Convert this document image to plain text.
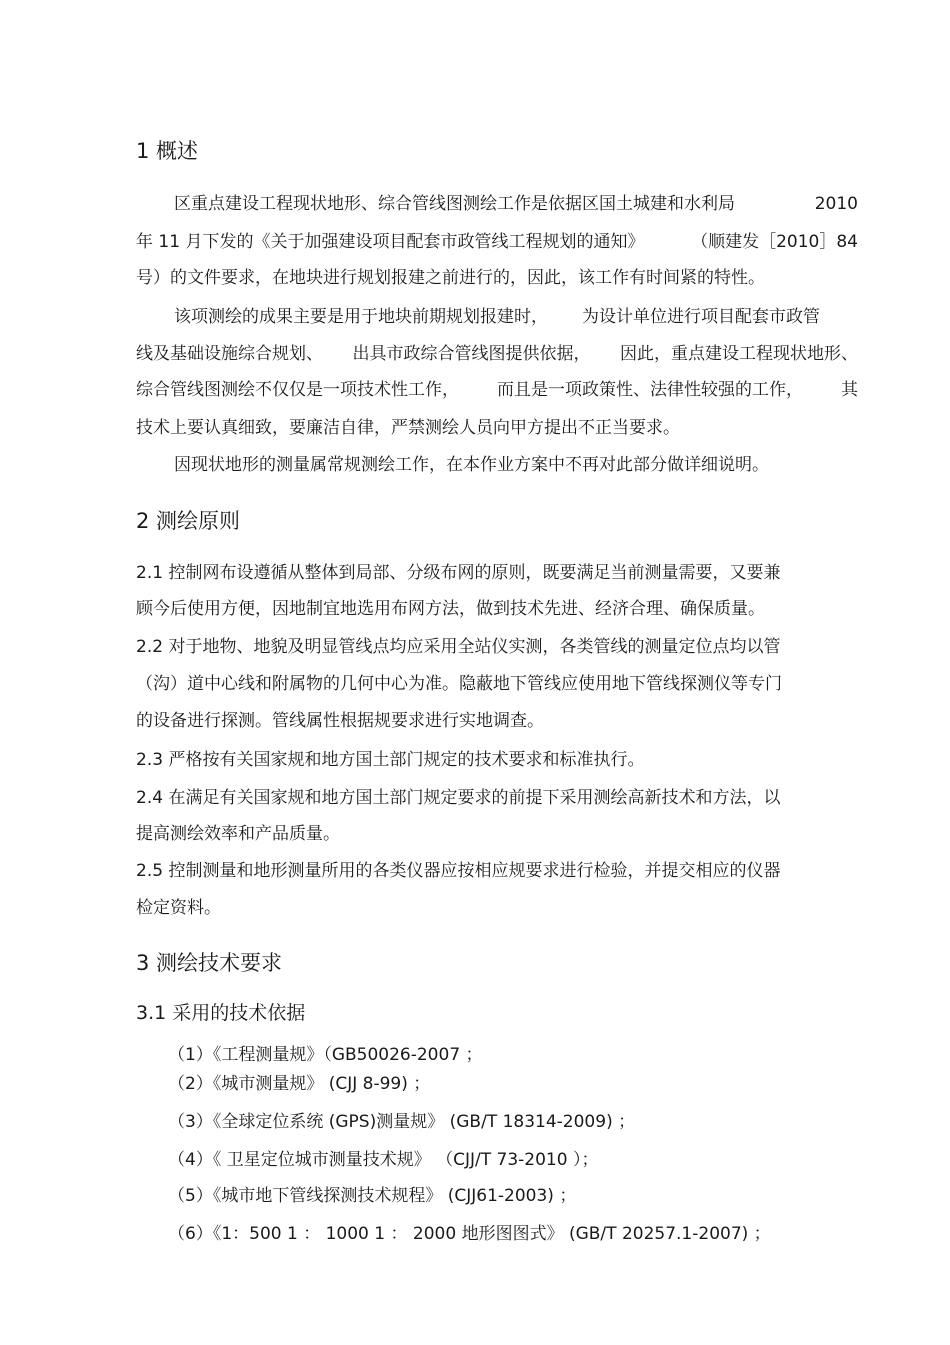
1 概述
区重点建设工程现状地形、综合管线图测绘工作是依据区国土城建和水利局	2010
年 11 月下发的《关于加强建设项目配套市政管线工程规划的通知》	（顺建发［2010］84
号）的文件要求，在地块进行规划报建之前进行的，因此，该工作有时间紧的特性。
该项测绘的成果主要是用于地块前期规划报建时， 为设计单位进行项目配套市政管
线及基础设施综合规划、 出具市政综合管线图提供依据， 因此，重点建设工程现状地形、
综合管线图测绘不仅仅是一项技术性工作， 而且是一项政策性、法律性较强的工作， 其
技术上要认真细致，要廉洁自律，严禁测绘人员向甲方提出不正当要求。
因现状地形的测量属常规测绘工作，在本作业方案中不再对此部分做详细说明。
2 测绘原则
2.1 控制网布设遵循从整体到局部、分级布网的原则，既要满足当前测量需要，又要兼
顾今后使用方便，因地制宜地选用布网方法，做到技术先进、经济合理、确保质量。
2.2 对于地物、地貌及明显管线点均应采用全站仪实测，各类管线的测量定位点均以管
（沟）道中心线和附属物的几何中心为准。隐蔽地下管线应使用地下管线探测仪等专门
的设备进行探测。管线属性根据规要求进行实地调查。
2.3 严格按有关国家规和地方国土部门规定的技术要求和标准执行。
2.4 在满足有关国家规和地方国土部门规定要求的前提下采用测绘高新技术和方法，以
提高测绘效率和产品质量。
2.5 控制测量和地形测量所用的各类仪器应按相应规要求进行检验，并提交相应的仪器
检定资料。
3 测绘技术要求
3.1 采用的技术依据
（1）《工程测量规》（GB50026-2007 ；
（2）《城市测量规》 (CJJ 8-99) ；
（3）《全球定位系统 (GPS)测量规》 (GB/T 18314-2009) ；
（4）《 卫星定位城市测量技术规》 （CJJ/T 73-2010 ）；
（5）《城市地下管线探测技术规程》 (CJJ61-2003) ；
（6）《1：500 1 ： 1000 1 ： 2000 地形图图式》 (GB/T 20257.1-2007) ；
